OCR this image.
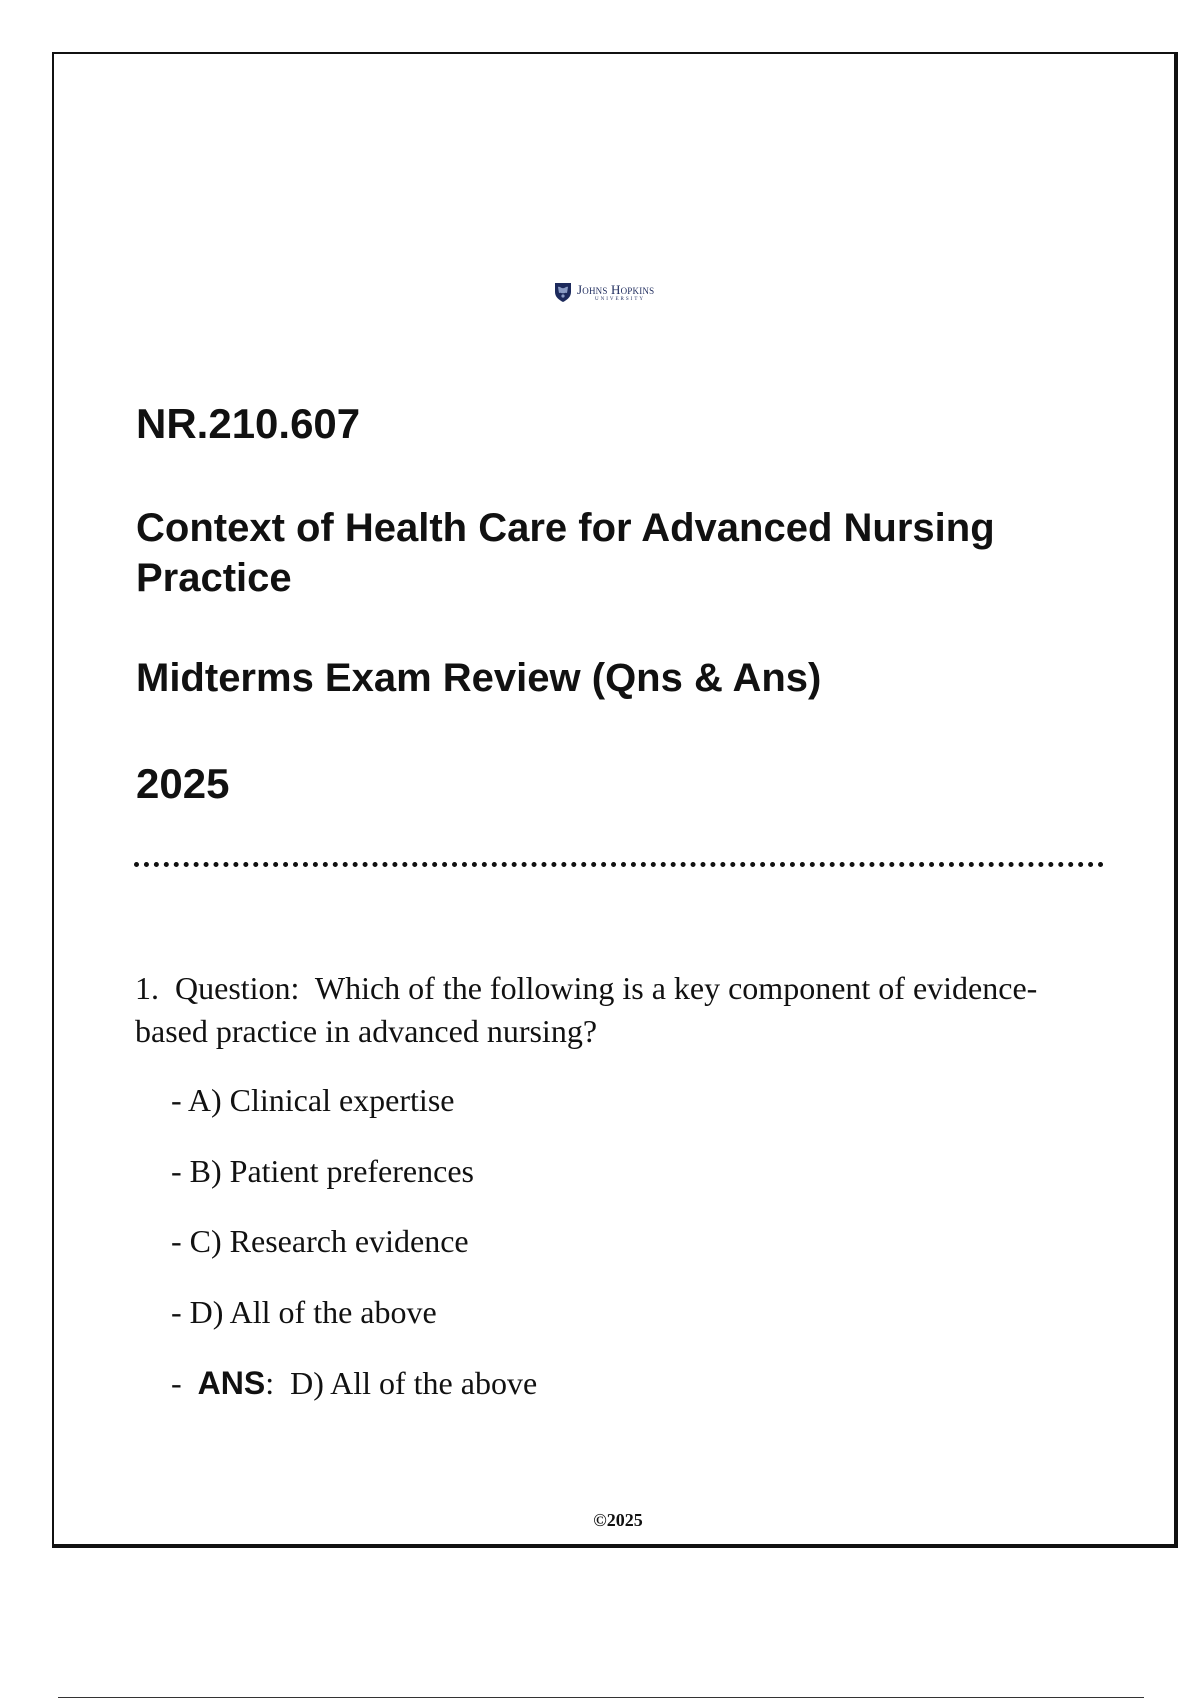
Johns Hopkins
UNIVERSITY
NR.210.607
Context of Health Care for Advanced Nursing Practice
Midterms Exam Review (Qns & Ans)
2025
1. Question: Which of the following is a key component of evidence-based practice in advanced nursing?
- A) Clinical expertise
- B) Patient preferences
- C) Research evidence
- D) All of the above
- ANS:  D) All of the above
©2025
